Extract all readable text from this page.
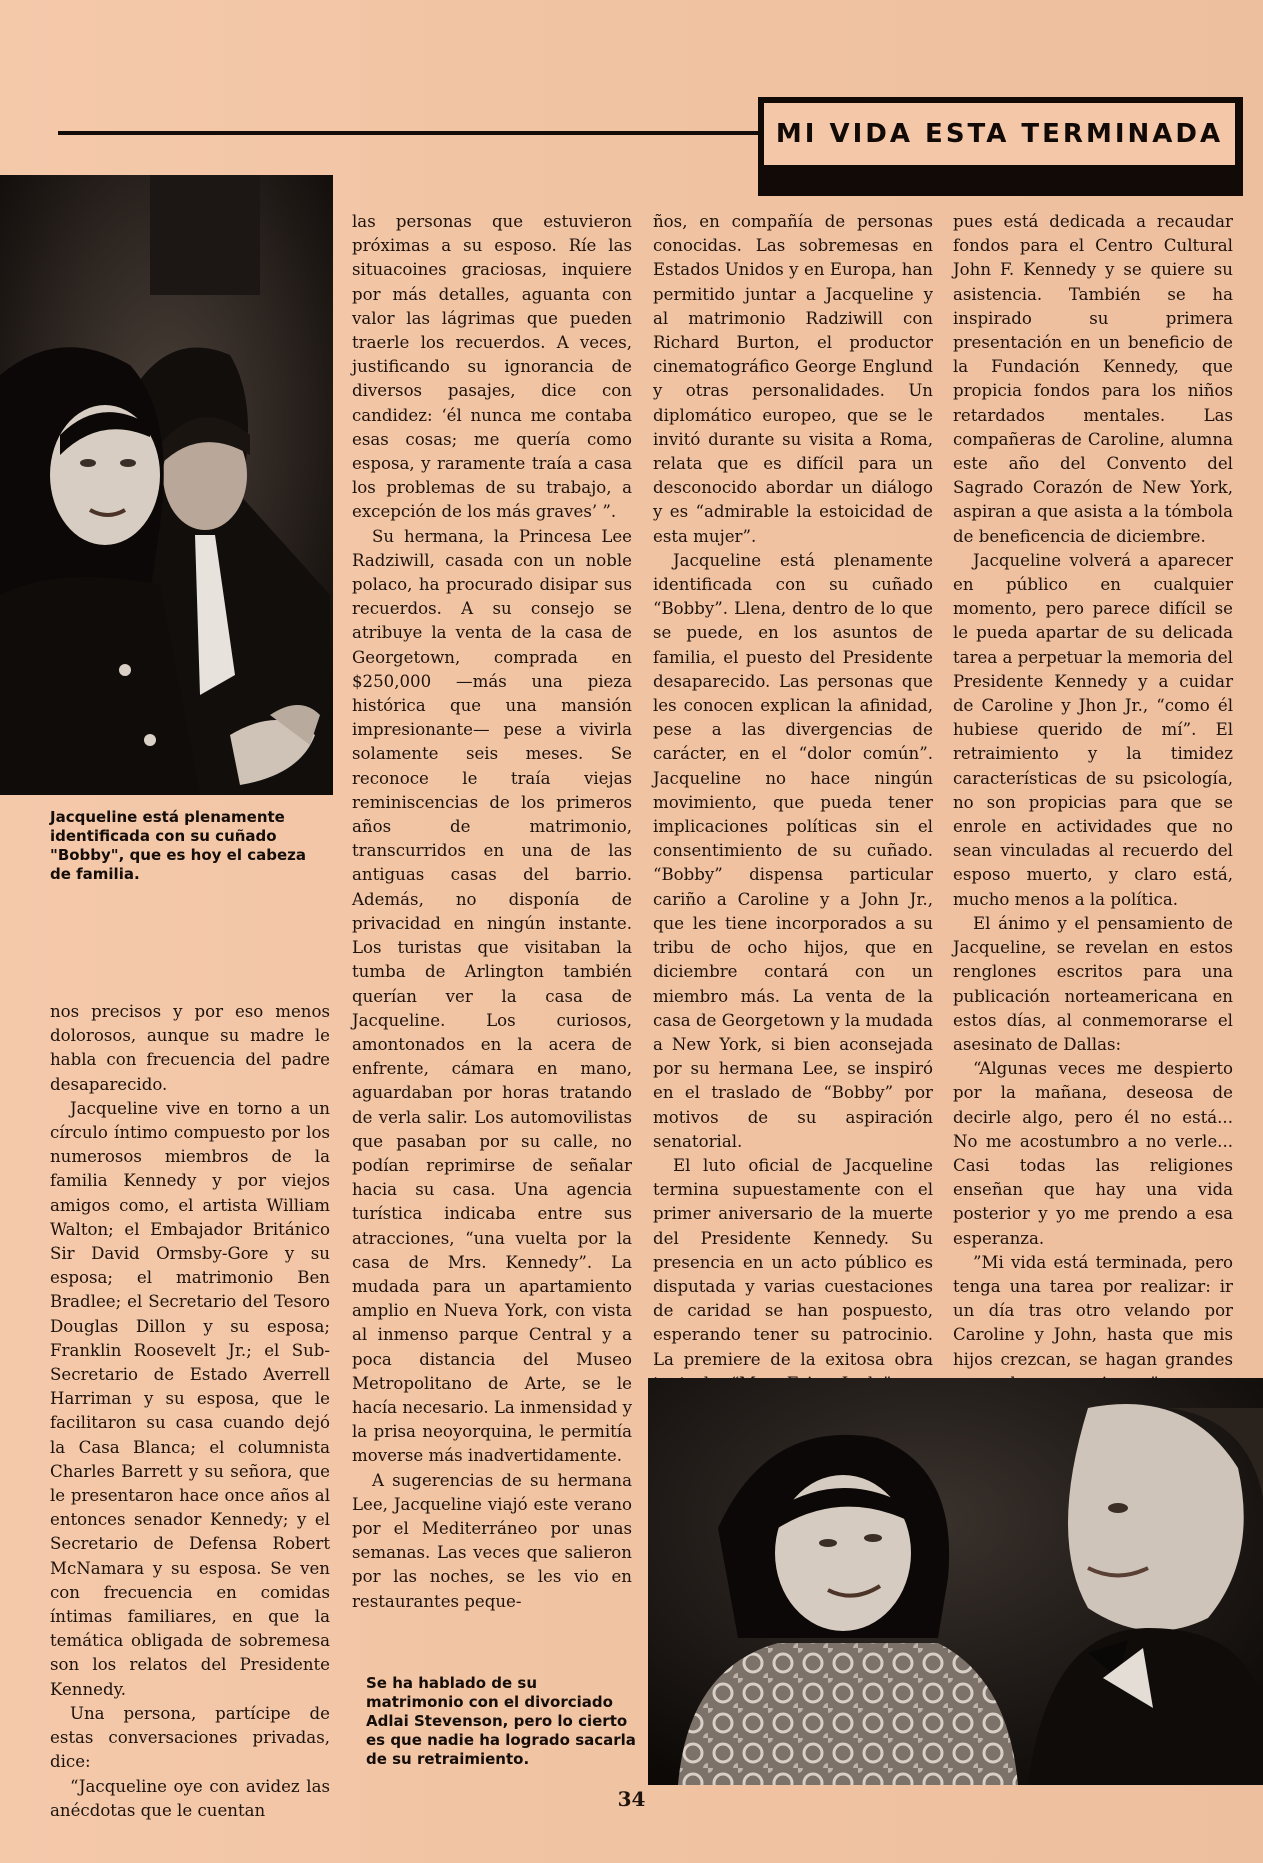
MI VIDA ESTA TERMINADA
Jacqueline está plenamente identificada con su cuñado "Bobby", que es hoy el cabeza de familia.

nos precisos y por eso menos dolorosos, aunque su madre le habla con frecuencia del padre desaparecido.

Jacqueline vive en torno a un círculo íntimo compuesto por los numerosos miembros de la familia Kennedy y por viejos amigos como, el artista William Walton; el Embajador Británico Sir David Ormsby-Gore y su esposa; el matrimonio Ben Bradlee; el Secretario del Tesoro Douglas Dillon y su esposa; Franklin Roosevelt Jr.; el Sub-Secretario de Estado Averrell Harriman y su esposa, que le facilitaron su casa cuando dejó la Casa Blanca; el columnista Charles Barrett y su señora, que le presentaron hace once años al entonces senador Kennedy; y el Secretario de Defensa Robert McNamara y su esposa. Se ven con frecuencia en comidas íntimas familiares, en que la temática obligada de sobremesa son los relatos del Presidente Kennedy.

Una persona, partícipe de estas conversaciones privadas, dice:

“Jacqueline oye con avidez las anécdotas que le cuentan

las personas que estuvieron próximas a su esposo. Ríe las situacoines graciosas, inquiere por más detalles, aguanta con valor las lágrimas que pueden traerle los recuerdos. A veces, justificando su ignorancia de diversos pasajes, dice con candidez: ‘él nunca me contaba esas cosas; me quería como esposa, y raramente traía a casa los problemas de su trabajo, a excepción de los más graves’ ”.

Su hermana, la Princesa Lee Radziwill, casada con un noble polaco, ha procurado disipar sus recuerdos. A su consejo se atribuye la venta de la casa de Georgetown, comprada en $250,000 —más una pieza histórica que una mansión impresionante— pese a vivirla solamente seis meses. Se reconoce le traía viejas reminiscencias de los primeros años de matrimonio, transcurridos en una de las antiguas casas del barrio. Además, no disponía de privacidad en ningún instante. Los turistas que visitaban la tumba de Arlington también querían ver la casa de Jacqueline. Los curiosos, amontonados en la acera de enfrente, cámara en mano, aguardaban por horas tratando de verla salir. Los automovilistas que pasaban por su calle, no podían reprimirse de señalar hacia su casa. Una agencia turística indicaba entre sus atracciones, “una vuelta por la casa de Mrs. Kennedy”. La mudada para un apartamiento amplio en Nueva York, con vista al inmenso parque Central y a poca distancia del Museo Metropolitano de Arte, se le hacía necesario. La inmensidad y la prisa neoyorquina, le permitía moverse más inadvertidamente.

A sugerencias de su hermana Lee, Jacqueline viajó este verano por el Mediterráneo por unas semanas. Las veces que salieron por las noches, se les vio en restaurantes peque-

ños, en compañía de personas conocidas. Las sobremesas en Estados Unidos y en Europa, han permitido juntar a Jacqueline y al matrimonio Radziwill con Richard Burton, el productor cinematográfico George Englund y otras personalidades. Un diplomático europeo, que se le invitó durante su visita a Roma, relata que es difícil para un desconocido abordar un diálogo y es “admirable la estoicidad de esta mujer”.

Jacqueline está plenamente identificada con su cuñado “Bobby”. Llena, dentro de lo que se puede, en los asuntos de familia, el puesto del Presidente desaparecido. Las personas que les conocen explican la afinidad, pese a las divergencias de carácter, en el “dolor común”. Jacqueline no hace ningún movimiento, que pueda tener implicaciones políticas sin el consentimiento de su cuñado. “Bobby” dispensa particular cariño a Caroline y a John Jr., que les tiene incorporados a su tribu de ocho hijos, que en diciembre contará con un miembro más. La venta de la casa de Georgetown y la mudada a New York, si bien aconsejada por su hermana Lee, se inspiró en el traslado de “Bobby” por motivos de su aspiración senatorial.

El luto oficial de Jacqueline termina supuestamente con el primer aniversario de la muerte del Presidente Kennedy. Su presencia en un acto público es disputada y varias cuestaciones de caridad se han pospuesto, esperando tener su patrocinio. La premiere de la exitosa obra

pues está dedicada a recaudar fondos para el Centro Cultural John F. Kennedy y se quiere su asistencia. También se ha inspirado su primera presentación en un beneficio de la Fundación Kennedy, que propicia fondos para los niños retardados mentales. Las compañeras de Caroline, alumna este año del Convento del Sagrado Corazón de New York, aspiran a que asista a la tómbola de beneficencia de diciembre.

Jacqueline volverá a aparecer en público en cualquier momento, pero parece difícil se le pueda apartar de su delicada tarea a perpetuar la memoria del Presidente Kennedy y a cuidar de Caroline y Jhon Jr., “como él hubiese querido de mí”. El retraimiento y la timidez características de su psicología, no son propicias para que se enrole en actividades que no sean vinculadas al recuerdo del esposo muerto, y claro está, mucho menos a la política.

El ánimo y el pensamiento de Jacqueline, se revelan en estos renglones escritos para una publicación norteamericana en estos días, al conmemorarse el asesinato de Dallas:

“Algunas veces me despierto por la mañana, deseosa de decirle algo, pero él no está... No me acostumbro a no verle... Casi todas las religiones enseñan que hay una vida posterior y yo me prendo a esa esperanza.

”Mi vida está terminada, pero tenga una tarea por realizar: ir un día tras otro velando por Caroline y John, hasta que mis hijos crezcan, se hagan grandes

Se ha hablado de su matrimonio con el divorciado Adlai Stevenson, pero lo cierto es que nadie ha logrado sacarla de su retraimiento.
34
